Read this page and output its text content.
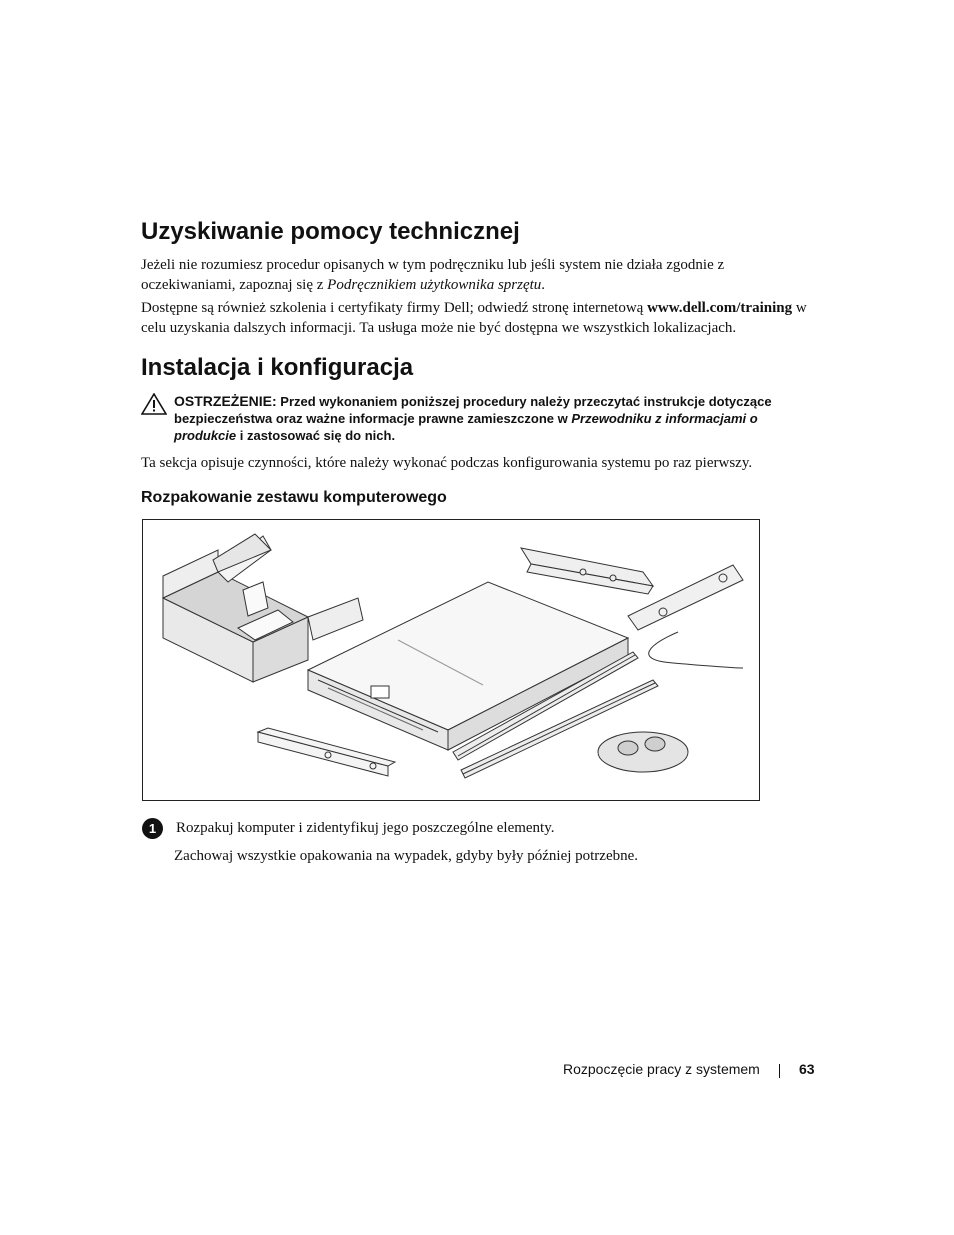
Uzyskiwanie pomocy technicznej

Jeżeli nie rozumiesz procedur opisanych w tym podręczniku lub jeśli system nie działa zgodnie z oczekiwaniami, zapoznaj się z Podręcznikiem użytkownika sprzętu.

Dostępne są również szkolenia i certyfikaty firmy Dell; odwiedź stronę internetową www.dell.com/training w celu uzyskania dalszych informacji. Ta usługa może nie być dostępna we wszystkich lokalizacjach.

Instalacja i konfiguracja
OSTRZEŻENIE: Przed wykonaniem poniższej procedury należy przeczytać instrukcje dotyczące bezpieczeństwa oraz ważne informacje prawne zamieszczone w Przewodniku z informacjami o produkcie i zastosować się do nich.

Ta sekcja opisuje czynności, które należy wykonać podczas konfigurowania systemu po raz pierwszy.

Rozpakowanie zestawu komputerowego
1	Rozpakuj komputer i zidentyfikuj jego poszczególne elementy.
Zachowaj wszystkie opakowania na wypadek, gdyby były później potrzebne.
Rozpoczęcie pracy z systemem	63
